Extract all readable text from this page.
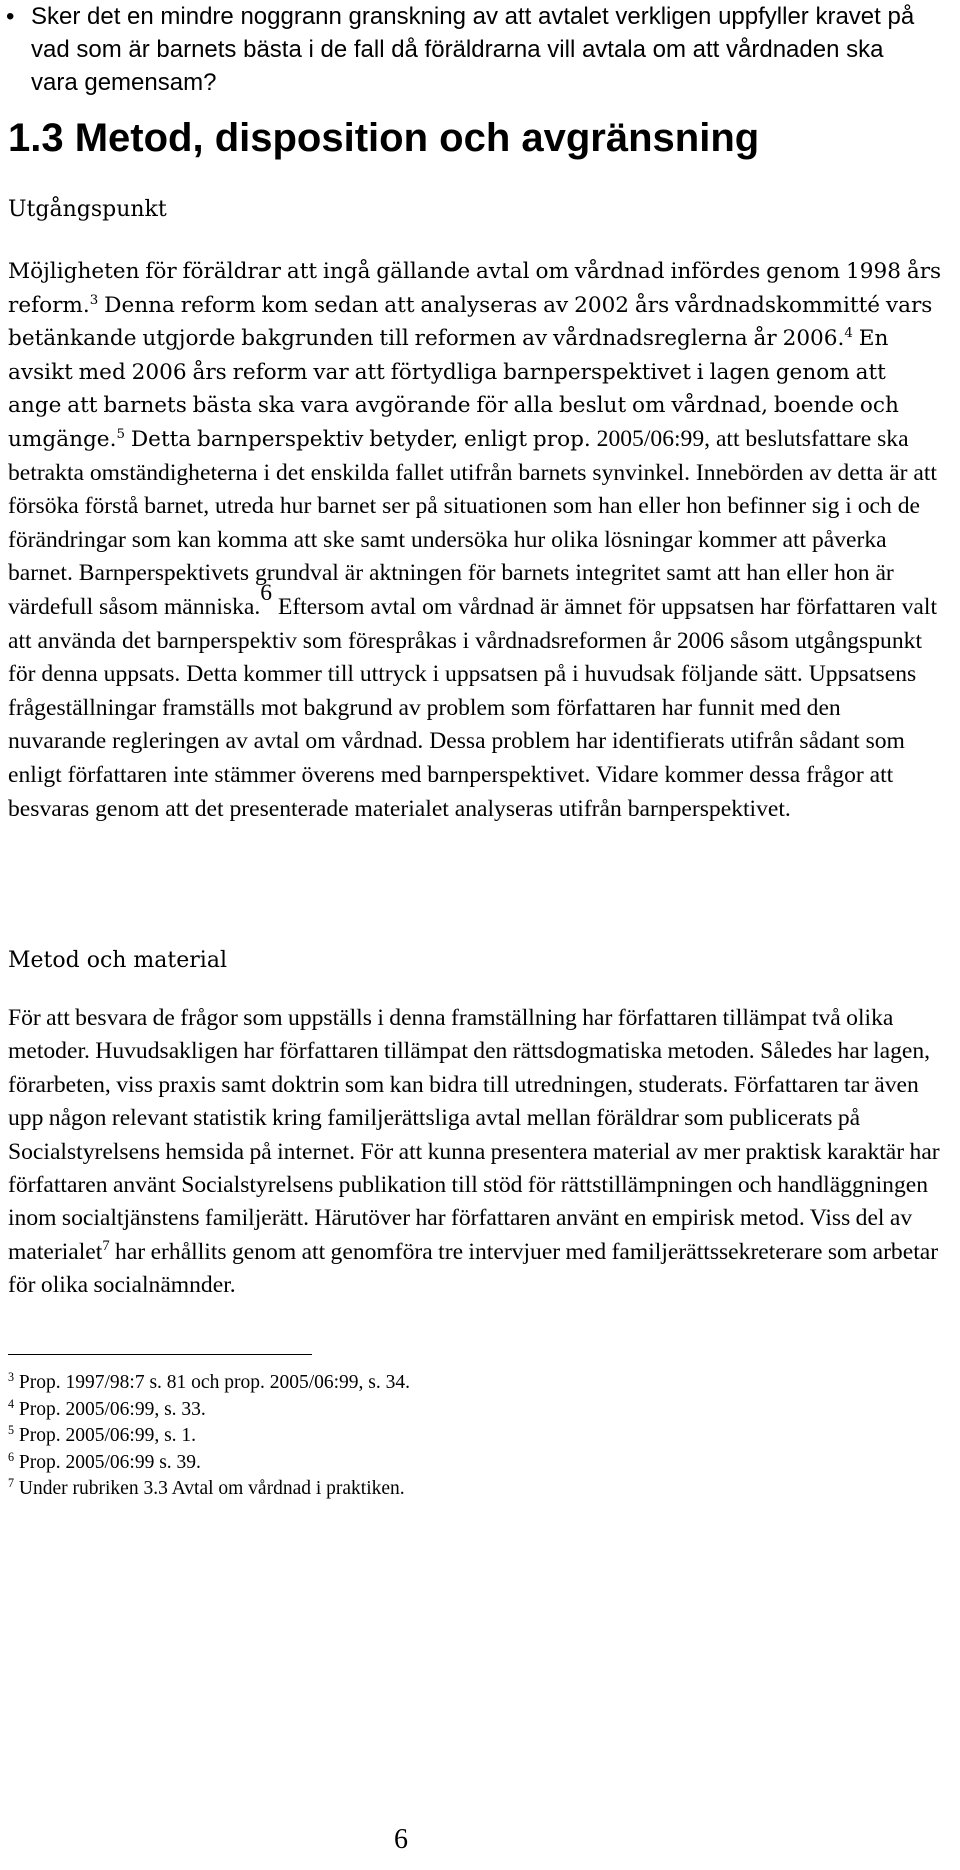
• Sker det en mindre noggrann granskning av att avtalet verkligen uppfyller kravet på vad som är barnets bästa i de fall då föräldrarna vill avtala om att vårdnaden ska vara gemensam?
1.3 Metod, disposition och avgränsning
Utgångspunkt
Möjligheten för föräldrar att ingå gällande avtal om vårdnad infördes genom 1998 års reform.$^3$ Denna reform kom sedan att analyseras av 2002 års vårdnadskommitté vars betänkande utgjorde bakgrunden till reformen av vårdnadsreglerna år 2006.$^4$ En avsikt med 2006 års reform var att förtydliga barnperspektivet i lagen genom att ange att barnets bästa ska vara avgörande för alla beslut om vårdnad, boende och umgänge.$^5$ Detta barnperspektiv betyder, enligt prop. 2005/06:99, att beslutsfattare ska betrakta omständigheterna i det enskilda fallet utifrån barnets synvinkel. Innebörden av detta är att försöka förstå barnet, utreda hur barnet ser på situationen som han eller hon befinner sig i och de förändringar som kan komma att ske samt undersöka hur olika lösningar kommer att påverka barnet. Barnperspektivets grundval är aktningen för barnets integritet samt att han eller hon är värdefull såsom människa.$^6$ Eftersom avtal om vårdnad är ämnet för uppsatsen har författaren valt att använda det barnperspektiv som förespråkas i vårdnadsreformen år 2006 såsom utgångspunkt för denna uppsats. Detta kommer till uttryck i uppsatsen på i huvudsak följande sätt. Uppsatsens frågeställningar framställs mot bakgrund av problem som författaren har funnit med den nuvarande regleringen av avtal om vårdnad. Dessa problem har identifierats utifrån sådant som enligt författaren inte stämmer överens med barnperspektivet. Vidare kommer dessa frågor att besvaras genom att det presenterade materialet analyseras utifrån barnperspektivet.
Metod och material
För att besvara de frågor som uppställs i denna framställning har författaren tillämpat två olika metoder. Huvudsakligen har författaren tillämpat den rättsdogmatiska metoden. Således har lagen, förarbeten, viss praxis samt doktrin som kan bidra till utredningen, studerats. Författaren tar även upp någon relevant statistik kring familjerättsliga avtal mellan föräldrar som publicerats på Socialstyrelsens hemsida på internet. För att kunna presentera material av mer praktisk karaktär har författaren använt Socialstyrelsens publikation till stöd för rättstillämpningen och handläggningen inom socialtjänstens familjerätt. Härutöver har författaren använt en empirisk metod. Viss del av materialet$^7$ har erhållits genom att genomföra tre intervjuer med familjerättssekreterare som arbetar för olika socialnämnder.
$^3$ Prop. 1997/98:7 s. 81 och prop. 2005/06:99, s. 34.
$^4$ Prop. 2005/06:99, s. 33.
$^5$ Prop. 2005/06:99, s. 1.
$^6$ Prop. 2005/06:99 s. 39.
$^7$ Under rubriken 3.3 Avtal om vårdnad i praktiken.
6
